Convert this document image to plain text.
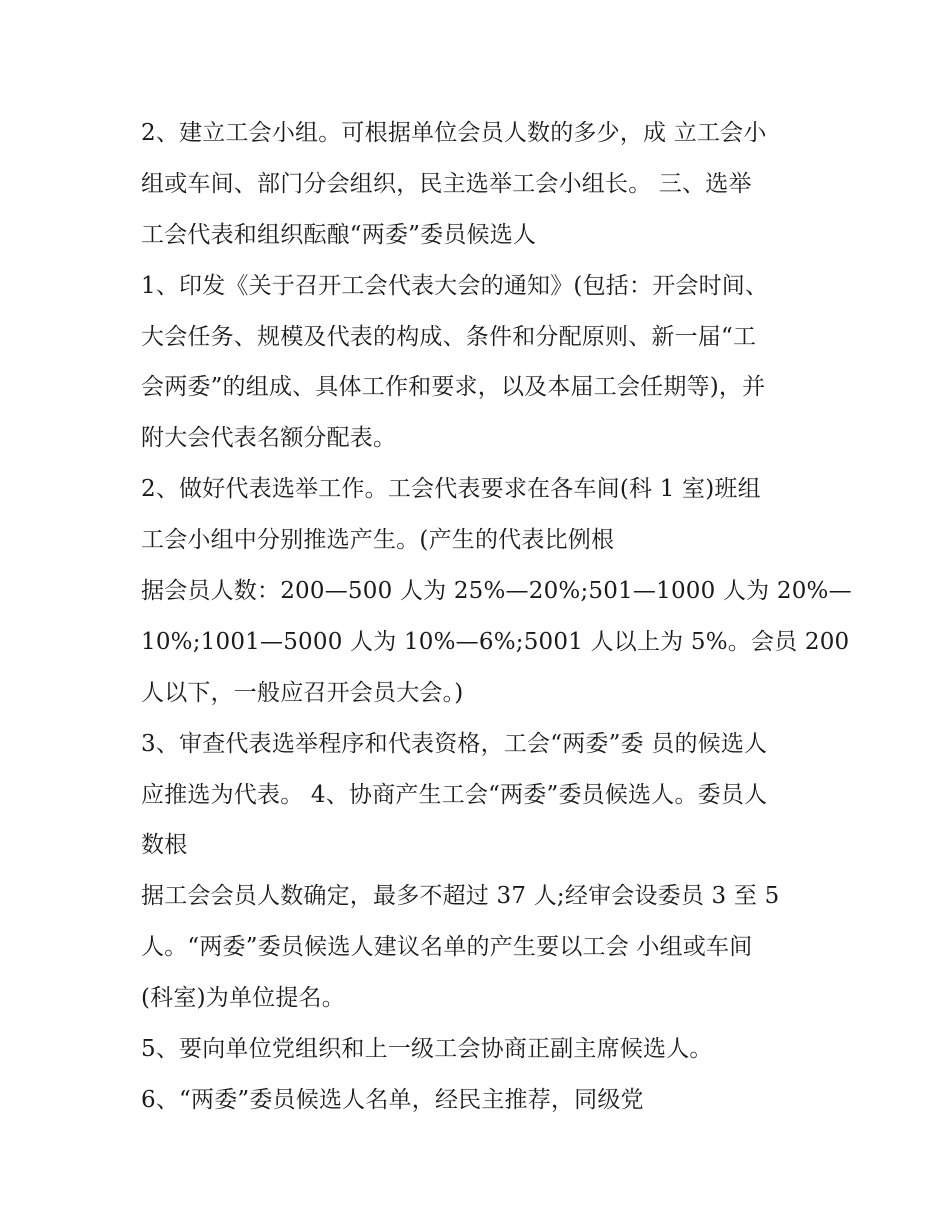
2、建立工会小组。可根据单位会员人数的多少，成 立工会小
组或车间、部门分会组织，民主选举工会小组长。 三、选举
工会代表和组织酝酿“两委”委员候选人
1、印发《关于召开工会代表大会的通知》(包括：开会时间、
大会任务、规模及代表的构成、条件和分配原则、新一届“工
会两委”的组成、具体工作和要求，以及本届工会任期等)，并
附大会代表名额分配表。
2、做好代表选举工作。工会代表要求在各车间(科 1 室)班组
工会小组中分别推选产生。(产生的代表比例根
据会员人数：200—500 人为 25%—20%;501—1000 人为 20%—
10%;1001—5000 人为 10%—6%;5001 人以上为 5%。会员 200
人以下，一般应召开会员大会。)
3、审查代表选举程序和代表资格，工会“两委”委 员的候选人
应推选为代表。 4、协商产生工会“两委”委员候选人。委员人
数根
据工会会员人数确定，最多不超过 37 人;经审会设委员 3 至 5
人。“两委”委员候选人建议名单的产生要以工会 小组或车间
(科室)为单位提名。
5、要向单位党组织和上一级工会协商正副主席候选人。
6、“两委”委员候选人名单，经民主推荐，同级党
